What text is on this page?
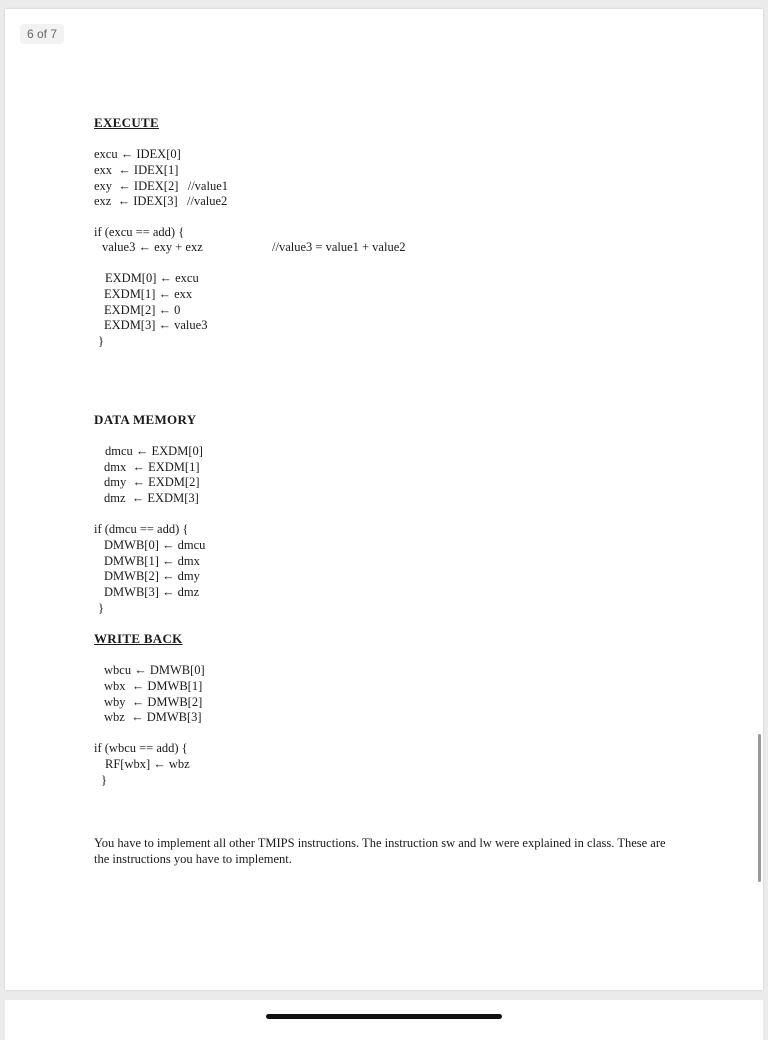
6 of 7
EXECUTE
excu ← IDEX[0]
exx  ← IDEX[1]
exy  ← IDEX[2]   //value1
exz  ← IDEX[3]   //value2
if (excu == add) {
value3 ← exy + exz	//value3 = value1 + value2
EXDM[0] ← excu
EXDM[1] ← exx
EXDM[2] ← 0
EXDM[3] ← value3
}
DATA MEMORY
dmcu ← EXDM[0]
dmx  ← EXDM[1]
dmy  ← EXDM[2]
dmz  ← EXDM[3]
if (dmcu == add) {
DMWB[0] ← dmcu
DMWB[1] ← dmx
DMWB[2] ← dmy
DMWB[3] ← dmz
}
WRITE BACK
wbcu ← DMWB[0]
wbx  ← DMWB[1]
wby  ← DMWB[2]
wbz  ← DMWB[3]
if (wbcu == add) {
RF[wbx] ← wbz
}
You have to implement all other TMIPS instructions. The instruction sw and lw were explained in class. These are the instructions you have to implement.
